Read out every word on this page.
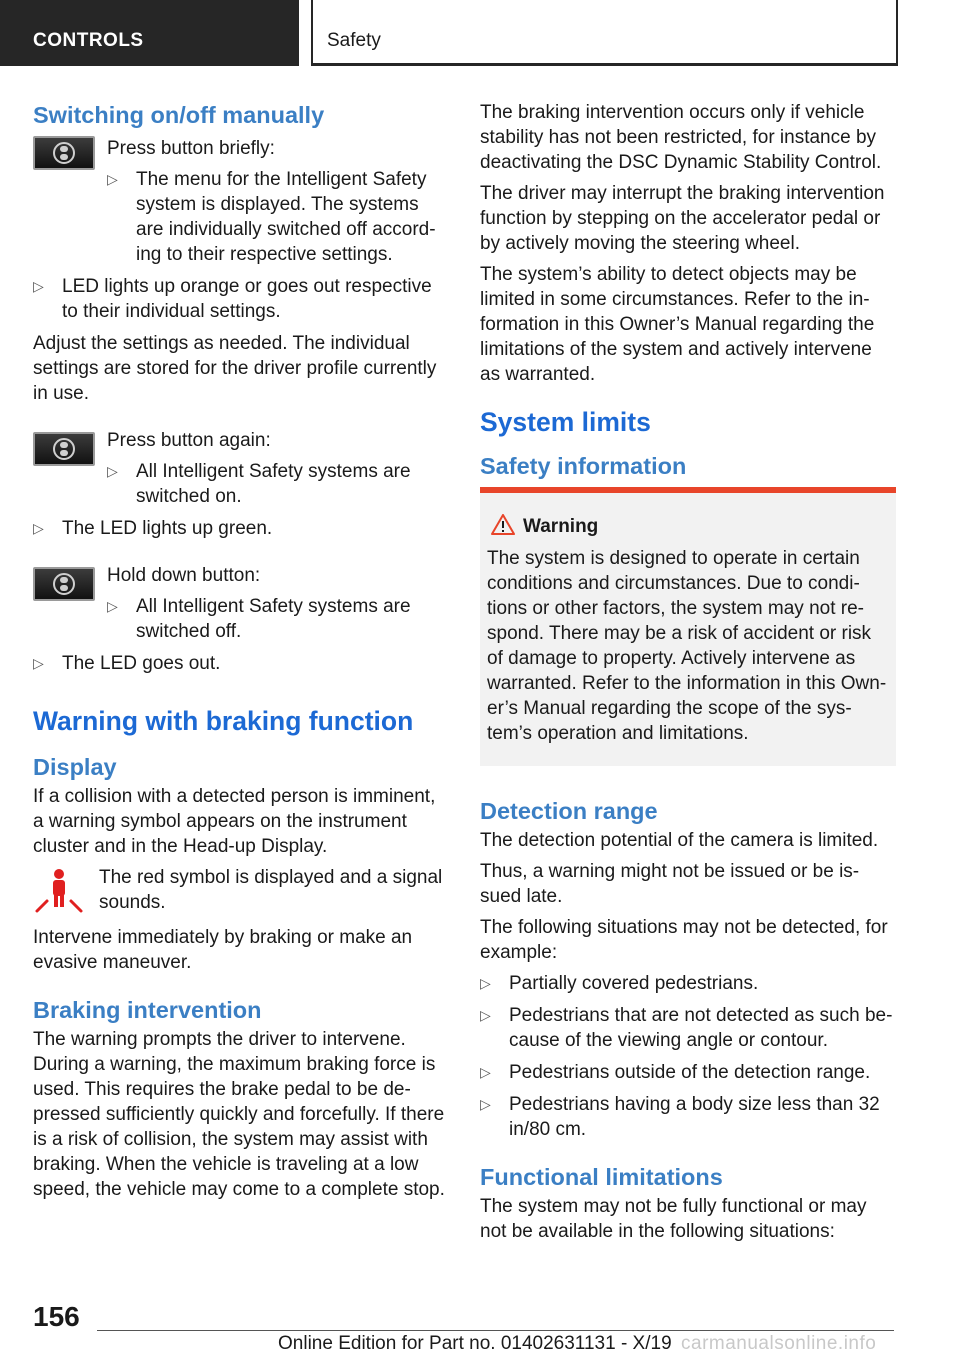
CONTROLS	Safety
Switching on/off manually

Press button briefly:

▷ The menu for the Intelligent Safety system is displayed. The systems are individually switched off accord‐ ing to their respective settings.
▷ LED lights up orange or goes out respective to their individual settings.

Adjust the settings as needed. The individual settings are stored for the driver profile currently in use.

Press button again:

▷ All Intelligent Safety systems are switched on.
▷ The LED lights up green.

Hold down button:

▷ All Intelligent Safety systems are switched off.
▷ The LED goes out.
Warning with braking function
Display

If a collision with a detected person is imminent, a warning symbol appears on the instrument cluster and in the Head-up Display.

The red symbol is displayed and a signal sounds.

Intervene immediately by braking or make an evasive maneuver.

Braking intervention

The warning prompts the driver to intervene. During a warning, the maximum braking force is used. This requires the brake pedal to be de‐ pressed sufficiently quickly and forcefully. If there is a risk of collision, the system may assist with braking. When the vehicle is traveling at a low speed, the vehicle may come to a complete stop.

The braking intervention occurs only if vehicle stability has not been restricted, for instance by deactivating the DSC Dynamic Stability Control.

The driver may interrupt the braking intervention function by stepping on the accelerator pedal or by actively moving the steering wheel.

The system’s ability to detect objects may be limited in some circumstances. Refer to the in‐ formation in this Owner’s Manual regarding the limitations of the system and actively intervene as warranted.

System limits
Safety information
Warning

The system is designed to operate in certain conditions and circumstances. Due to condi‐ tions or other factors, the system may not re‐ spond. There may be a risk of accident or risk of damage to property. Actively intervene as warranted. Refer to the information in this Own‐ er’s Manual regarding the scope of the sys‐ tem’s operation and limitations.

Detection range

The detection potential of the camera is limited.

Thus, a warning might not be issued or be is‐ sued late.

The following situations may not be detected, for example:

▷ Partially covered pedestrians.
▷ Pedestrians that are not detected as such be‐ cause of the viewing angle or contour.
▷ Pedestrians outside of the detection range.
▷ Pedestrians having a body size less than 32 in/80 cm.
Functional limitations

The system may not be fully functional or may not be available in the following situations:

156
Online Edition for Part no. 01402631131 - X/19 carmanualsonline.info
